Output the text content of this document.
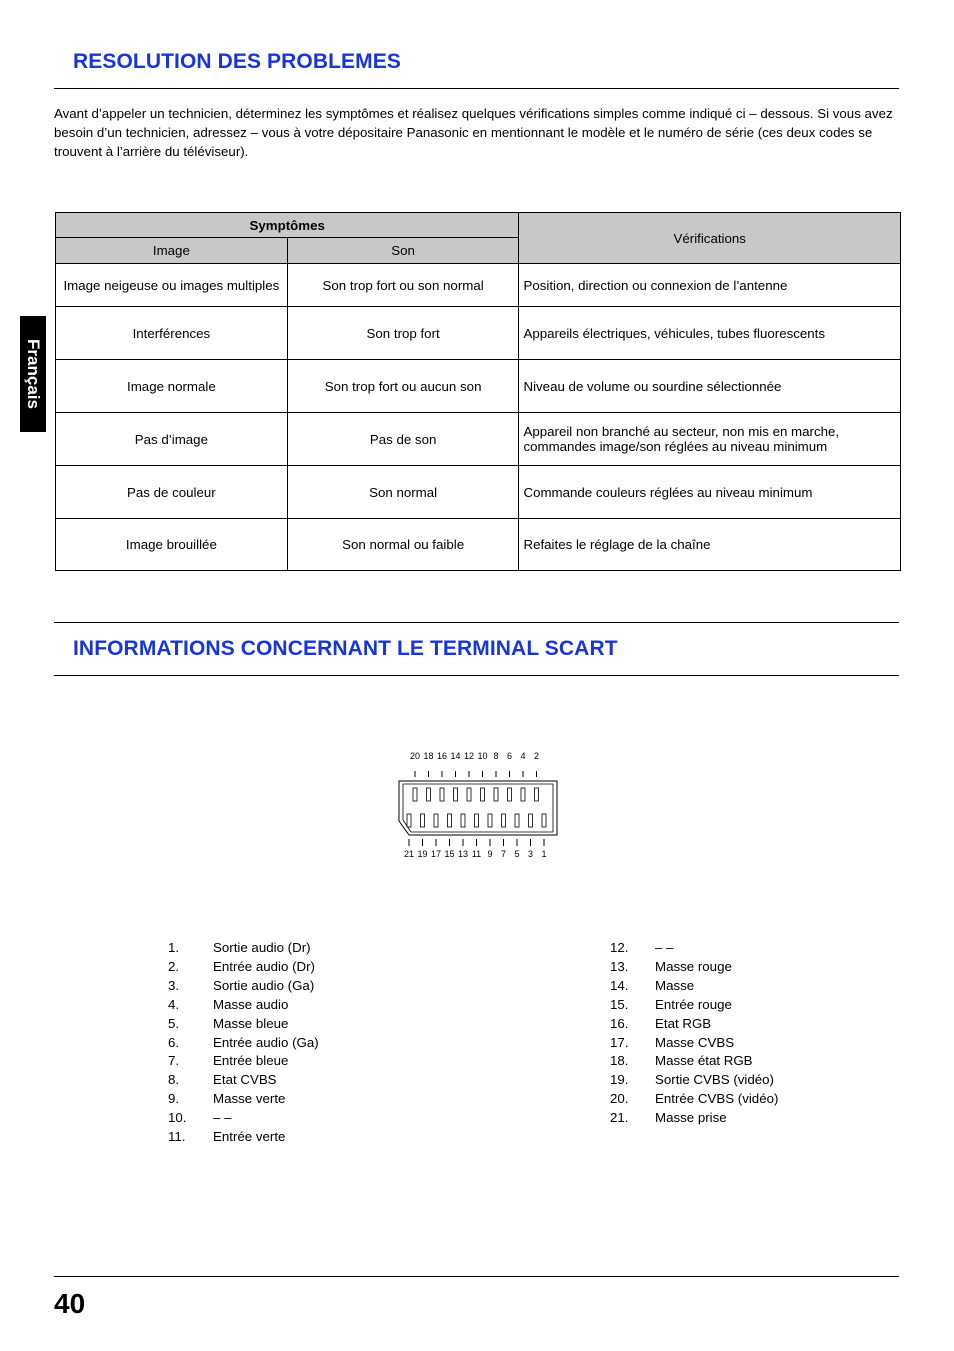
RESOLUTION DES PROBLEMES
Avant d’appeler un technicien, déterminez les symptômes et réalisez quelques vérifications simples comme indiqué ci – dessous. Si vous avez besoin d’un technicien, adressez – vous à votre dépositaire Panasonic en mentionnant le modèle et le numéro de série (ces deux codes se trouvent à l’arrière du téléviseur).
Français
Symptômes		Vérifications
Image	Son	
Image neigeuse ou images multiples	Son trop fort ou son normal	Position, direction ou connexion de l’antenne
Interférences	Son trop fort	Appareils électriques, véhicules, tubes fluorescents
Image normale	Son trop fort ou aucun son	Niveau de volume ou sourdine sélectionnée
Pas d’image	Pas de son	Appareil non branché au secteur, non mis en marche, commandes image/son réglées au niveau minimum
Pas de couleur	Son normal	Commande couleurs réglées au niveau minimum
Image brouillée	Son normal ou faible	Refaites le réglage de la chaîne
INFORMATIONS CONCERNANT LE TERMINAL SCART
20 18 16 14 12 10 8 6 4 2
21 19 17 15 13 11 9 7 5 3 1
1.	Sortie audio (Dr)
2.	Entrée audio (Dr)
3.	Sortie audio (Ga)
4.	Masse audio
5.	Masse bleue
6.	Entrée audio (Ga)
7.	Entrée bleue
8.	Etat CVBS
9.	Masse verte
10.	– –
11.	Entrée verte
12.	– –
13.	Masse rouge
14.	Masse
15.	Entrée rouge
16.	Etat RGB
17.	Masse CVBS
18.	Masse état RGB
19.	Sortie CVBS (vidéo)
20.	Entrée CVBS (vidéo)
21.	Masse prise
40
